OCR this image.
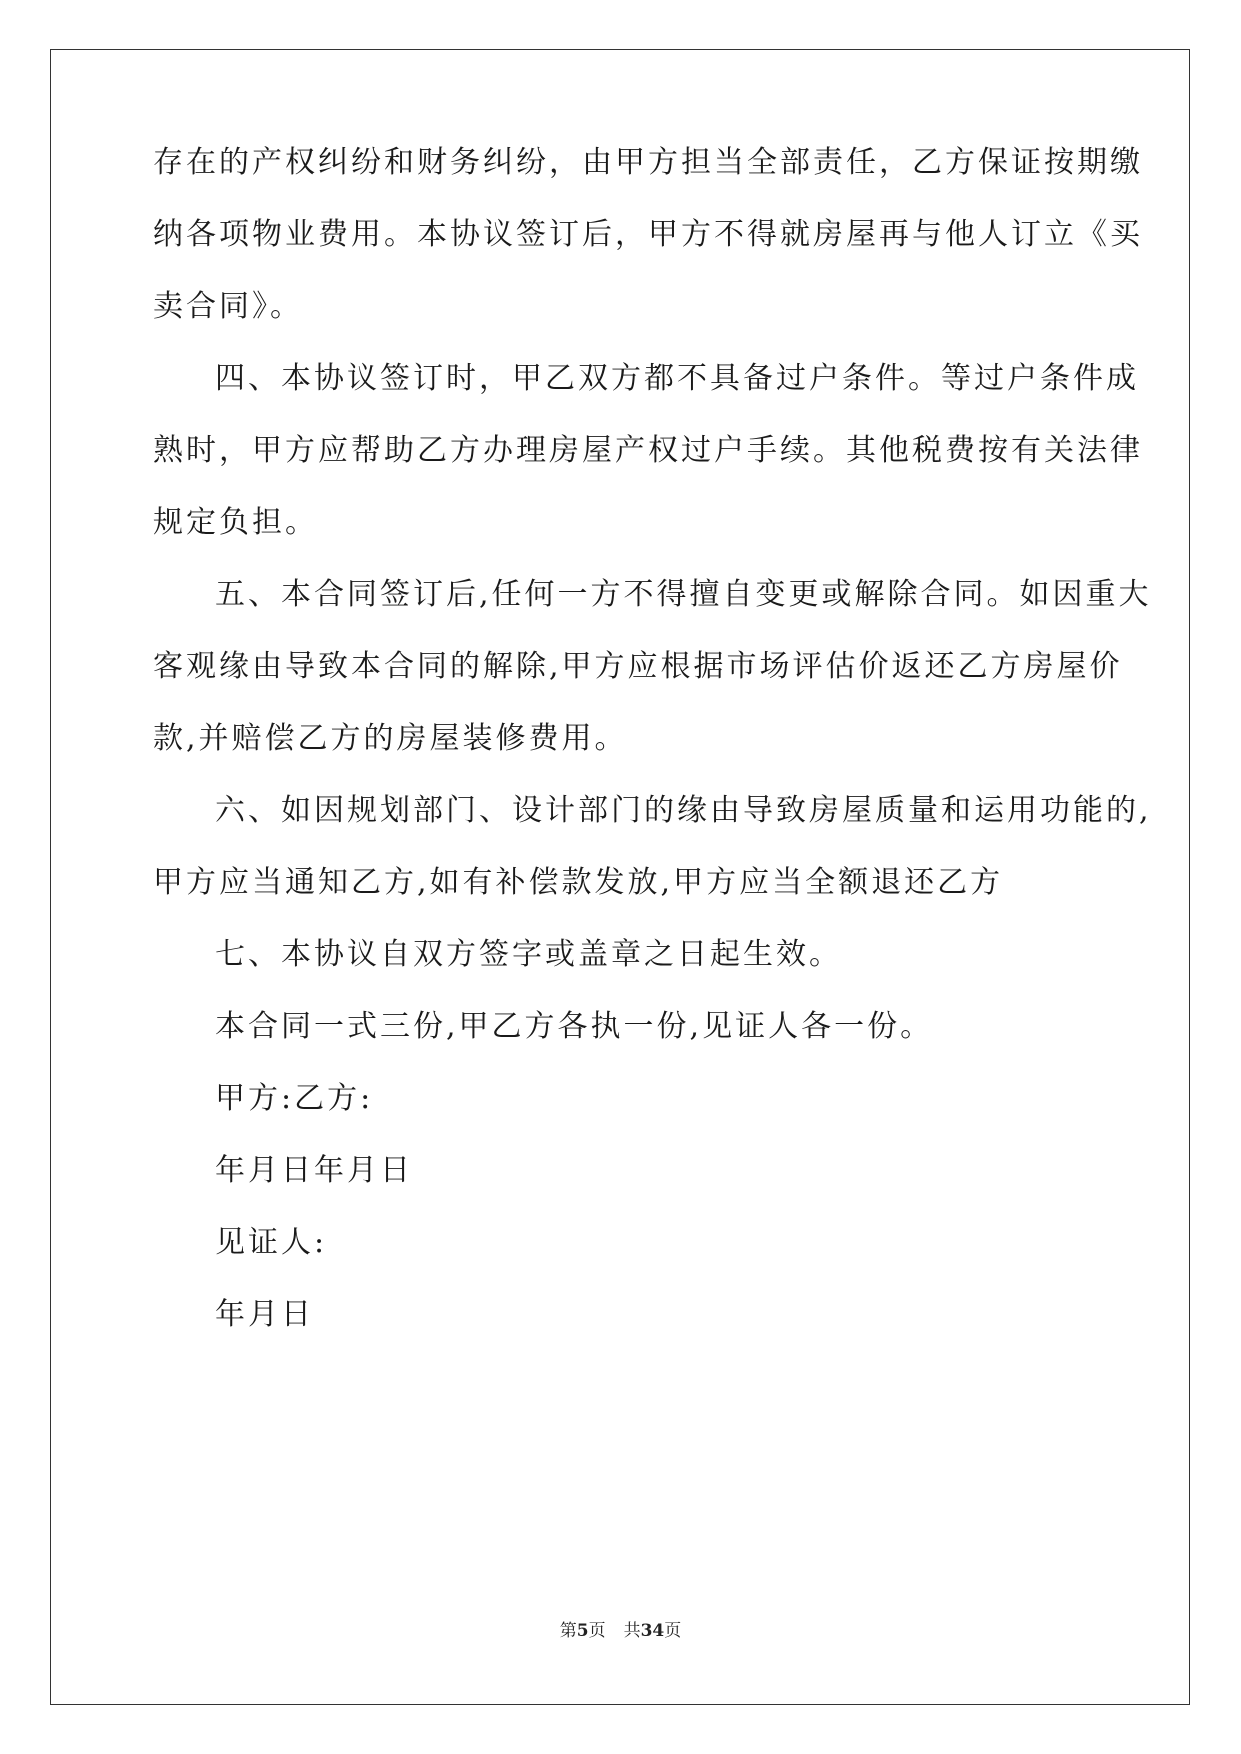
存在的产权纠纷和财务纠纷，由甲方担当全部责任，乙方保证按期缴
纳各项物业费用。本协议签订后，甲方不得就房屋再与他人订立《买
卖合同》。
四、本协议签订时，甲乙双方都不具备过户条件。等过户条件成
熟时，甲方应帮助乙方办理房屋产权过户手续。其他税费按有关法律
规定负担。
五、本合同签订后,任何一方不得擅自变更或解除合同。如因重大
客观缘由导致本合同的解除,甲方应根据市场评估价返还乙方房屋价
款,并赔偿乙方的房屋装修费用。
六、如因规划部门、设计部门的缘由导致房屋质量和运用功能的,
甲方应当通知乙方,如有补偿款发放,甲方应当全额退还乙方
七、本协议自双方签字或盖章之日起生效。
本合同一式三份,甲乙方各执一份,见证人各一份。
甲方:乙方:
年月日年月日
见证人:
年月日
第5页 共34页
